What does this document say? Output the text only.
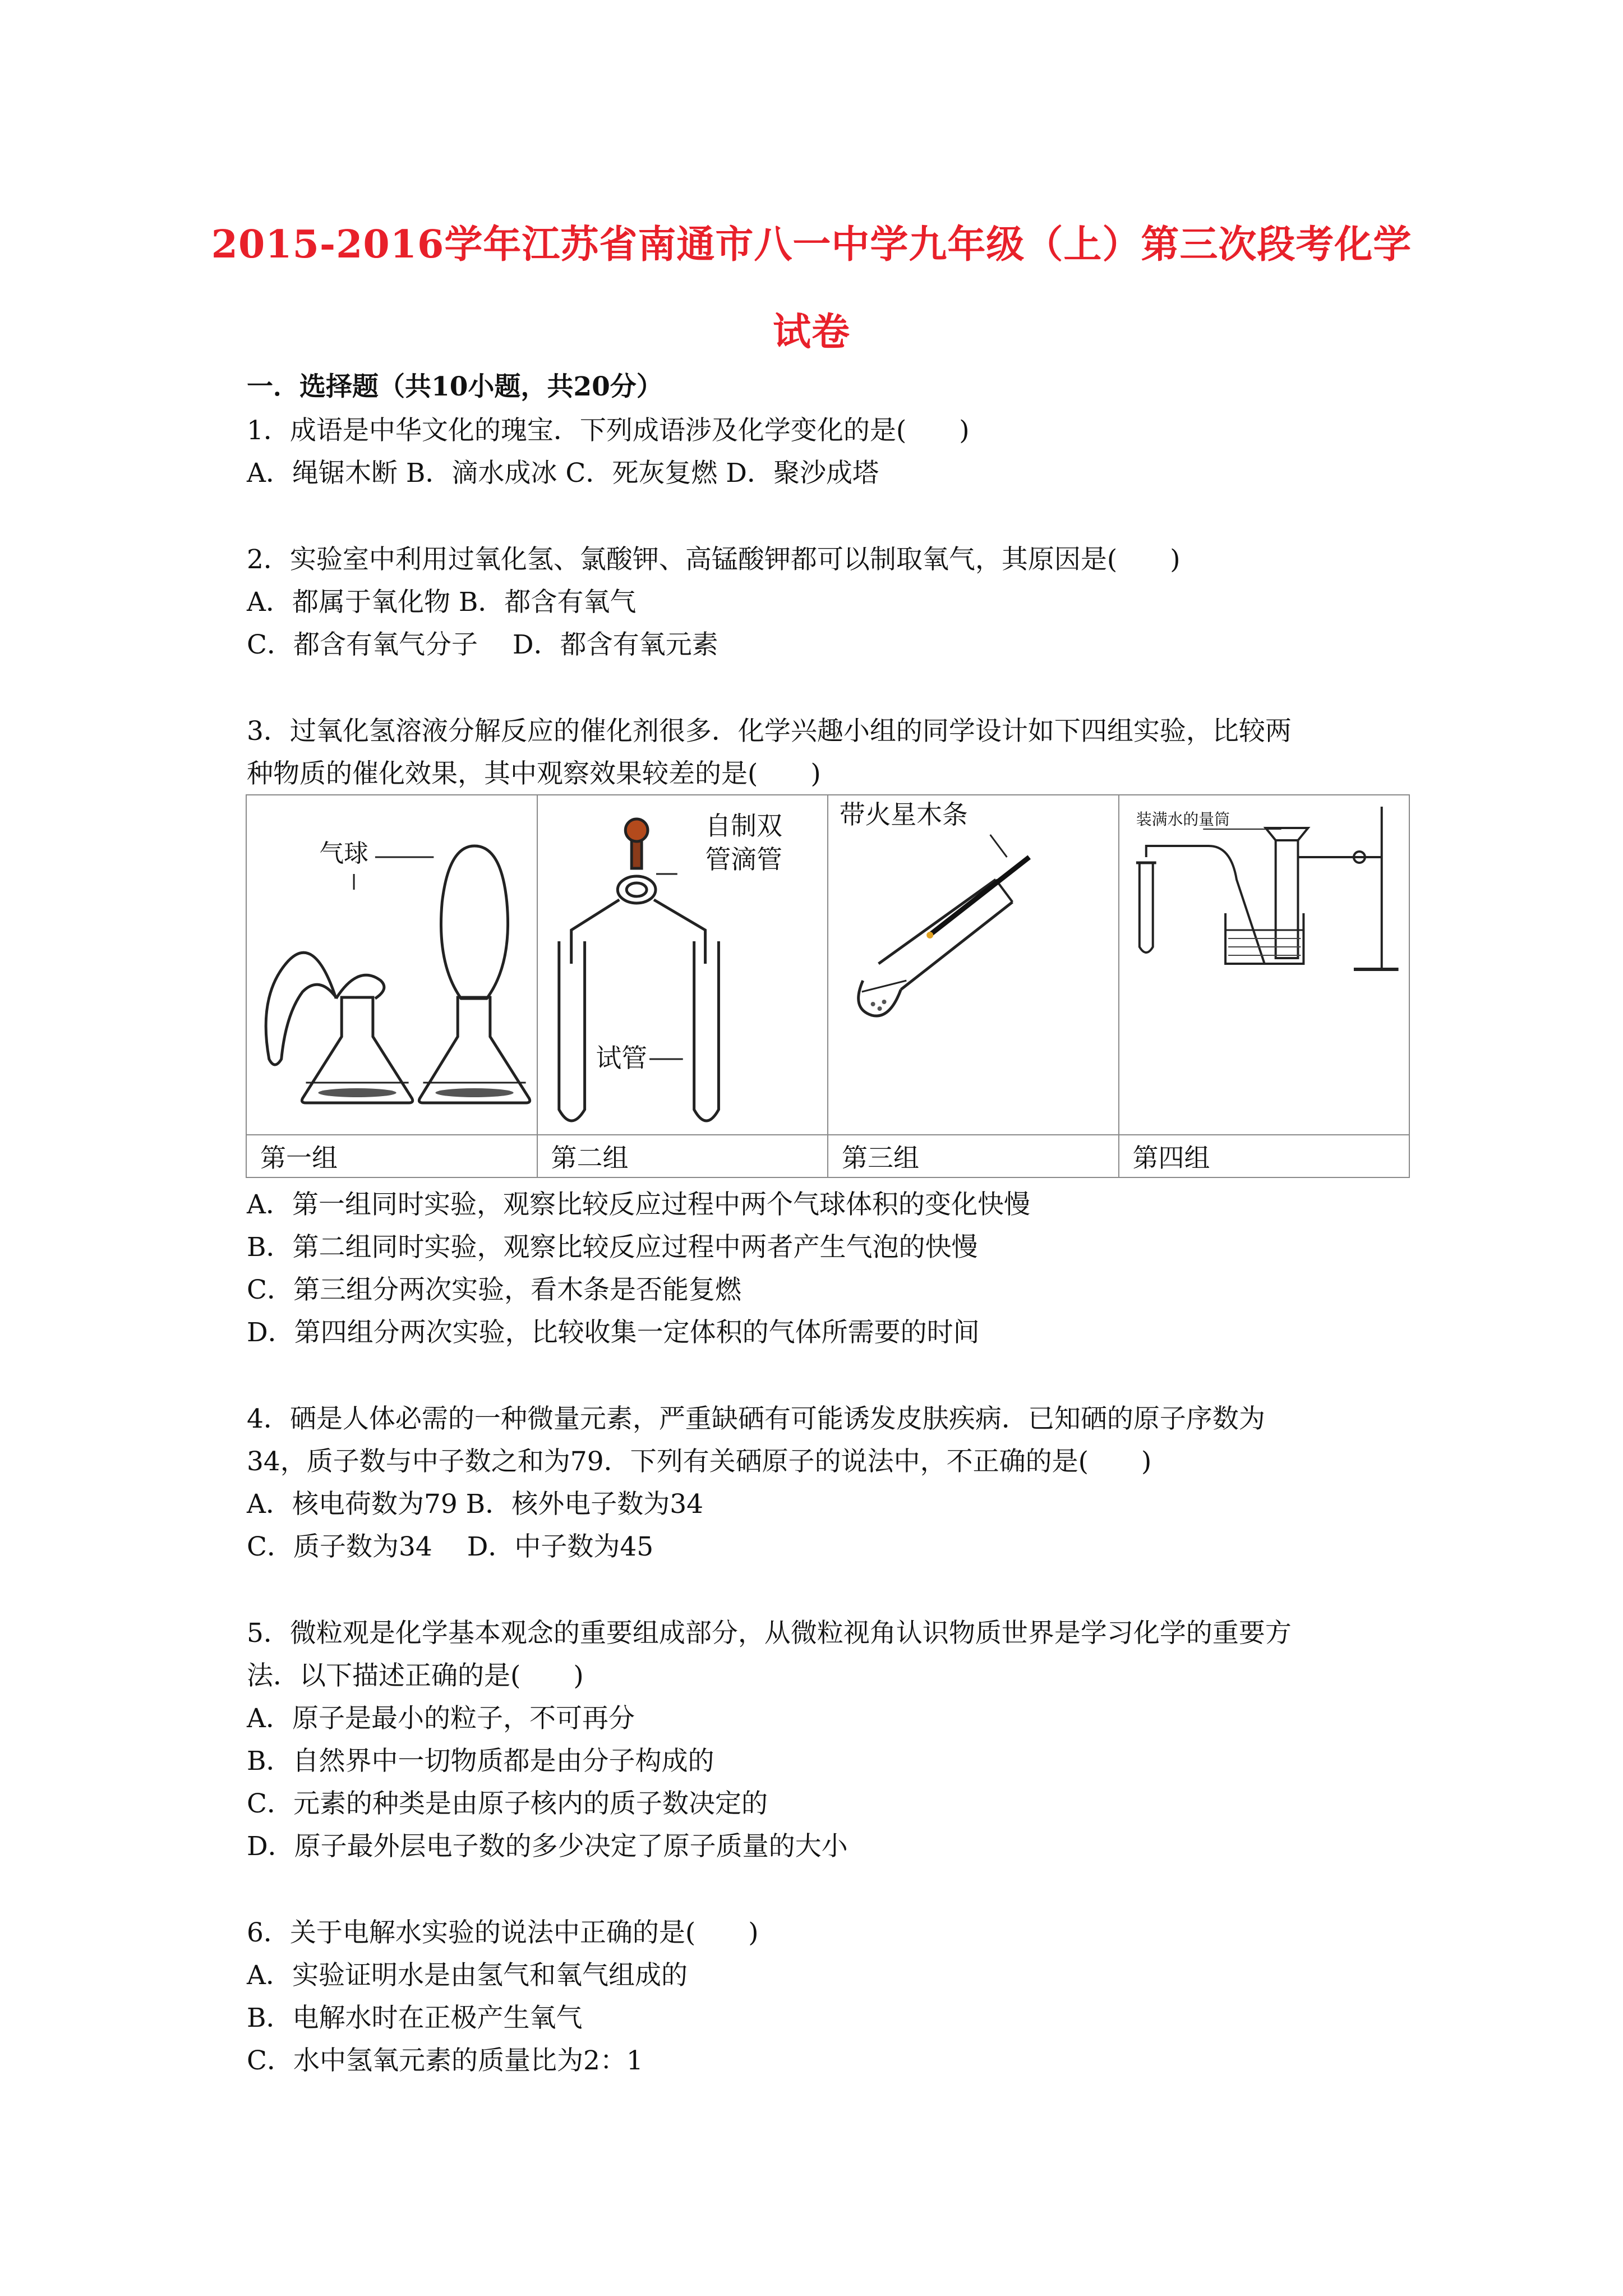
2015-2016学年江苏省南通市八一中学九年级（上）第三次段考化学
试卷
一．选择题（共10小题，共20分）
1．成语是中华文化的瑰宝．下列成语涉及化学变化的是(　　)
A．绳锯木断 B．滴水成冰 C．死灰复燃 D．聚沙成塔
2．实验室中利用过氧化氢、氯酸钾、高锰酸钾都可以制取氧气，其原因是(　　)
A．都属于氧化物 B．都含有氧气
C．都含有氧气分子　 D．都含有氧元素
3．过氧化氢溶液分解反应的催化剂很多．化学兴趣小组的同学设计如下四组实验，比较两
种物质的催化效果，其中观察效果较差的是(　　)
气球	自制双
管滴管
试管	带火星木条	装满水的量筒

第一组	第二组	第三组	第四组
A．第一组同时实验，观察比较反应过程中两个气球体积的变化快慢
B．第二组同时实验，观察比较反应过程中两者产生气泡的快慢
C．第三组分两次实验，看木条是否能复燃
D．第四组分两次实验，比较收集一定体积的气体所需要的时间
4．硒是人体必需的一种微量元素，严重缺硒有可能诱发皮肤疾病．已知硒的原子序数为
34，质子数与中子数之和为79．下列有关硒原子的说法中，不正确的是(　　)
A．核电荷数为79 B．核外电子数为34
C．质子数为34　 D．中子数为45
5．微粒观是化学基本观念的重要组成部分，从微粒视角认识物质世界是学习化学的重要方
法．以下描述正确的是(　　)
A．原子是最小的粒子，不可再分
B．自然界中一切物质都是由分子构成的
C．元素的种类是由原子核内的质子数决定的
D．原子最外层电子数的多少决定了原子质量的大小
6．关于电解水实验的说法中正确的是(　　)
A．实验证明水是由氢气和氧气组成的
B．电解水时在正极产生氧气
C．水中氢氧元素的质量比为2：1
